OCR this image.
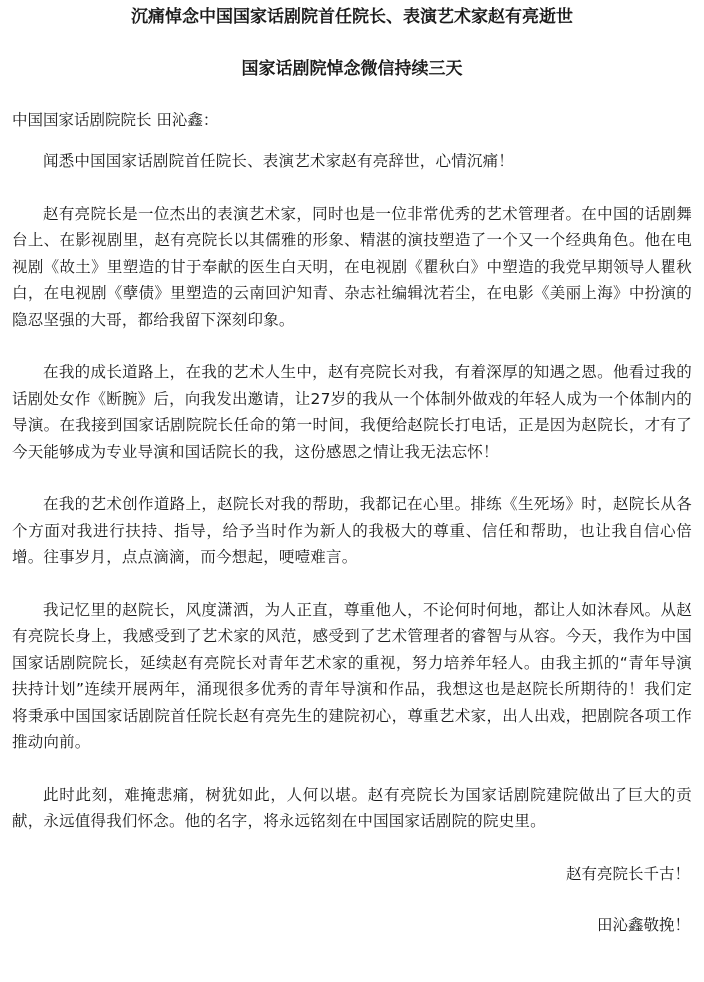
沉痛悼念中国国家话剧院首任院长、表演艺术家赵有亮逝世
国家话剧院悼念微信持续三天

中国国家话剧院院长 田沁鑫：

闻悉中国国家话剧院首任院长、表演艺术家赵有亮辞世，心情沉痛！

赵有亮院长是一位杰出的表演艺术家，同时也是一位非常优秀的艺术管理者。在中国的话剧舞台上、在影视剧里，赵有亮院长以其儒雅的形象、精湛的演技塑造了一个又一个经典角色。他在电视剧《故土》里塑造的甘于奉献的医生白天明，在电视剧《瞿秋白》中塑造的我党早期领导人瞿秋白，在电视剧《孽债》里塑造的云南回沪知青、杂志社编辑沈若尘，在电影《美丽上海》中扮演的隐忍坚强的大哥，都给我留下深刻印象。

在我的成长道路上，在我的艺术人生中，赵有亮院长对我，有着深厚的知遇之恩。他看过我的话剧处女作《断腕》后，向我发出邀请，让27岁的我从一个体制外做戏的年轻人成为一个体制内的导演。在我接到国家话剧院院长任命的第一时间，我便给赵院长打电话，正是因为赵院长，才有了今天能够成为专业导演和国话院长的我，这份感恩之情让我无法忘怀！

在我的艺术创作道路上，赵院长对我的帮助，我都记在心里。排练《生死场》时，赵院长从各个方面对我进行扶持、指导，给予当时作为新人的我极大的尊重、信任和帮助，也让我自信心倍增。往事岁月，点点滴滴，而今想起，哽噎难言。

我记忆里的赵院长，风度潇洒，为人正直，尊重他人，不论何时何地，都让人如沐春风。从赵有亮院长身上，我感受到了艺术家的风范，感受到了艺术管理者的睿智与从容。今天，我作为中国国家话剧院院长，延续赵有亮院长对青年艺术家的重视，努力培养年轻人。由我主抓的“青年导演扶持计划”连续开展两年，涌现很多优秀的青年导演和作品，我想这也是赵院长所期待的！我们定将秉承中国国家话剧院首任院长赵有亮先生的建院初心，尊重艺术家，出人出戏，把剧院各项工作推动向前。

此时此刻，难掩悲痛，树犹如此，人何以堪。赵有亮院长为国家话剧院建院做出了巨大的贡献，永远值得我们怀念。他的名字，将永远铭刻在中国国家话剧院的院史里。

赵有亮院长千古！

田沁鑫敬挽！
